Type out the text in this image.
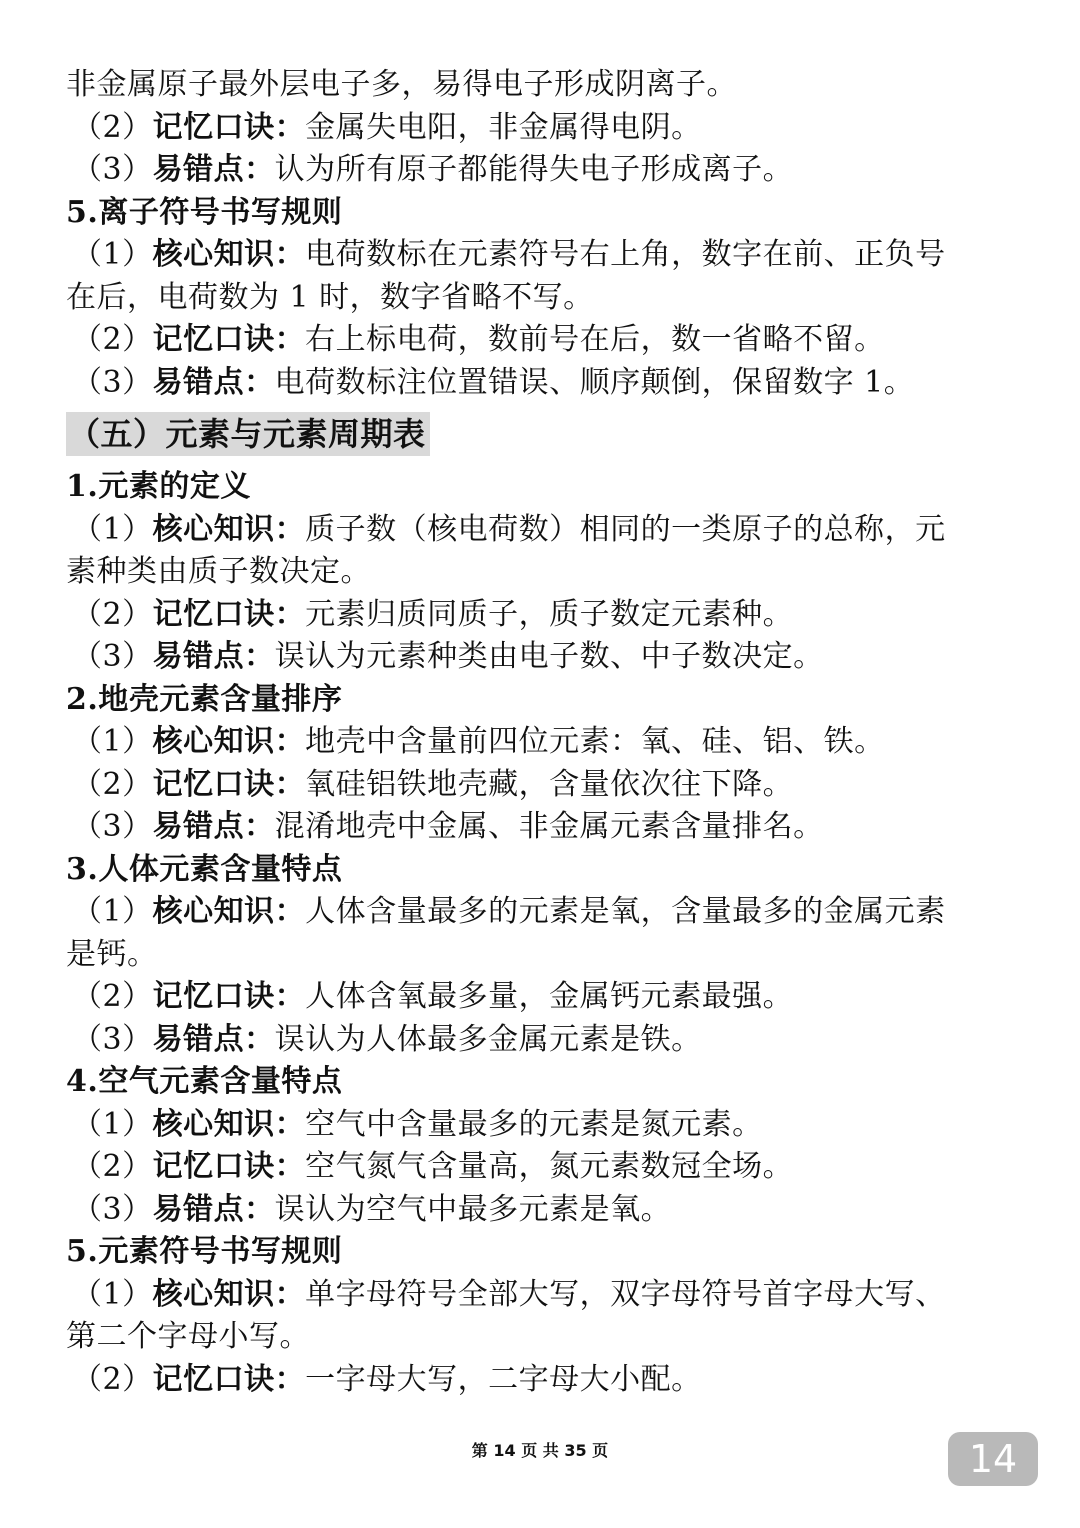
非金属原子最外层电子多，易得电子形成阴离子。
（2）记忆口诀：金属失电阳，非金属得电阴。
（3）易错点：认为所有原子都能得失电子形成离子。
5.离子符号书写规则
（1）核心知识：电荷数标在元素符号右上角，数字在前、正负号
在后，电荷数为 1 时，数字省略不写。
（2）记忆口诀：右上标电荷，数前号在后，数一省略不留。
（3）易错点：电荷数标注位置错误、顺序颠倒，保留数字 1。
（五）元素与元素周期表
1.元素的定义
（1）核心知识：质子数（核电荷数）相同的一类原子的总称，元
素种类由质子数决定。
（2）记忆口诀：元素归质同质子，质子数定元素种。
（3）易错点：误认为元素种类由电子数、中子数决定。
2.地壳元素含量排序
（1）核心知识：地壳中含量前四位元素：氧、硅、铝、铁。
（2）记忆口诀：氧硅铝铁地壳藏，含量依次往下降。
（3）易错点：混淆地壳中金属、非金属元素含量排名。
3.人体元素含量特点
（1）核心知识：人体含量最多的元素是氧，含量最多的金属元素
是钙。
（2）记忆口诀：人体含氧最多量，金属钙元素最强。
（3）易错点：误认为人体最多金属元素是铁。
4.空气元素含量特点
（1）核心知识：空气中含量最多的元素是氮元素。
（2）记忆口诀：空气氮气含量高，氮元素数冠全场。
（3）易错点：误认为空气中最多元素是氧。
5.元素符号书写规则
（1）核心知识：单字母符号全部大写，双字母符号首字母大写、
第二个字母小写。
（2）记忆口诀：一字母大写，二字母大小配。
第 14 页 共 35 页	14
